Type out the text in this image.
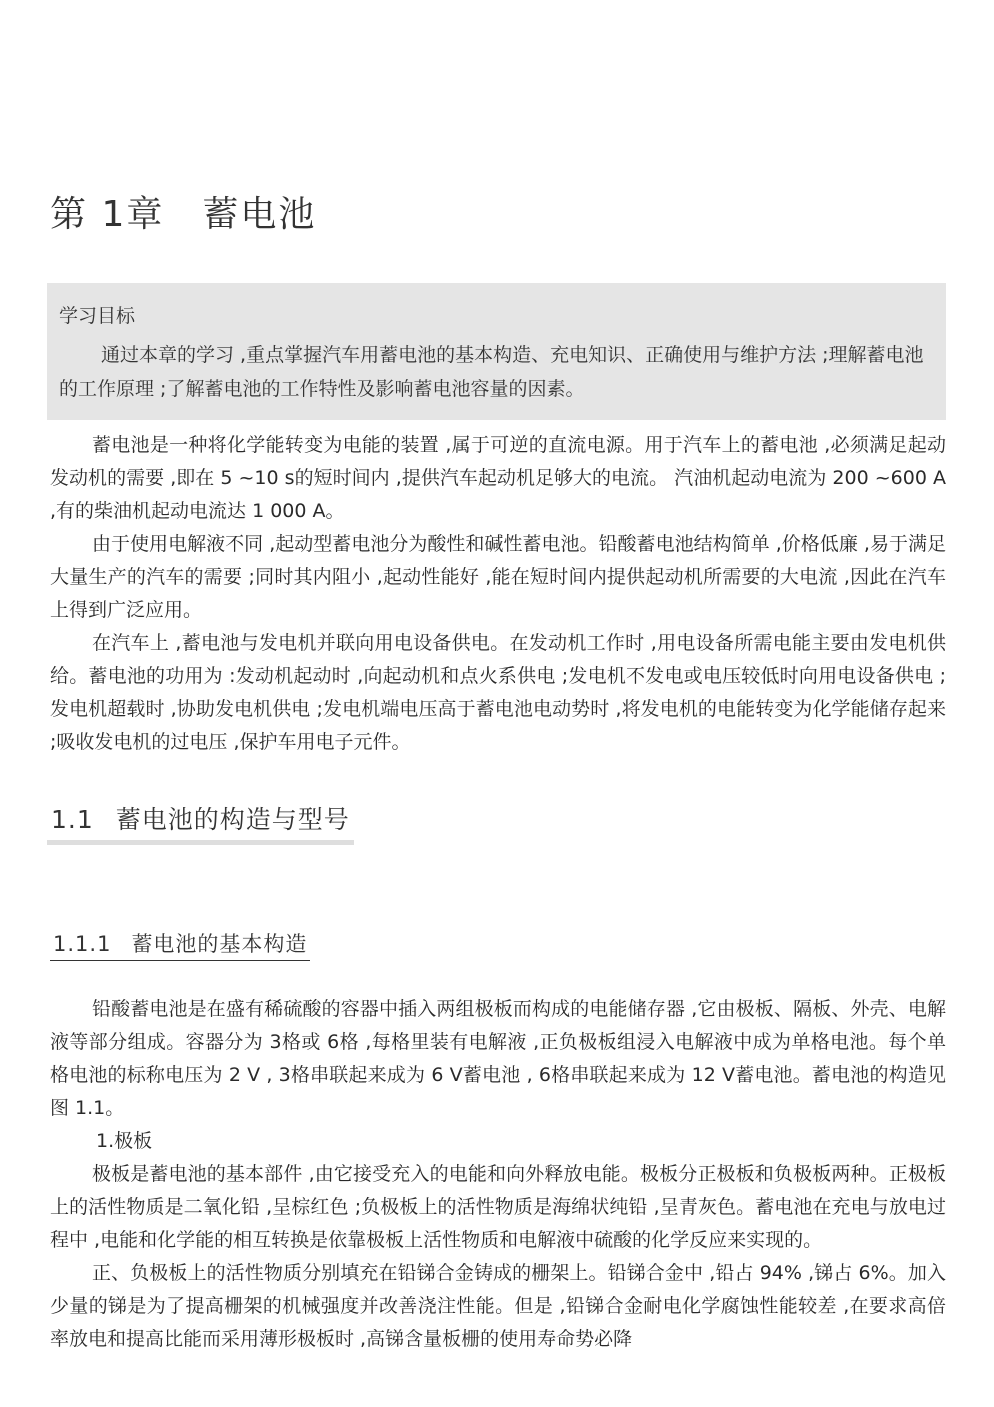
第 1章 蓄电池

学习目标

通过本章的学习 ,重点掌握汽车用蓄电池的基本构造、充电知识、正确使用与维护方法 ;理解蓄电池的工作原理 ;了解蓄电池的工作特性及影响蓄电池容量的因素。

蓄电池是一种将化学能转变为电能的装置 ,属于可逆的直流电源。用于汽车上的蓄电池 ,必须满足起动发动机的需要 ,即在 5 ~10 s的短时间内 ,提供汽车起动机足够大的电流。 汽油机起动电流为 200 ~600 A ,有的柴油机起动电流达 1 000 A。

由于使用电解液不同 ,起动型蓄电池分为酸性和碱性蓄电池。铅酸蓄电池结构简单 ,价格低廉 ,易于满足大量生产的汽车的需要 ;同时其内阻小 ,起动性能好 ,能在短时间内提供起动机所需要的大电流 ,因此在汽车上得到广泛应用。

在汽车上 ,蓄电池与发电机并联向用电设备供电。在发动机工作时 ,用电设备所需电能主要由发电机供给。蓄电池的功用为 :发动机起动时 ,向起动机和点火系供电 ;发电机不发电或电压较低时向用电设备供电 ;发电机超载时 ,协助发电机供电 ;发电机端电压高于蓄电池电动势时 ,将发电机的电能转变为化学能储存起来 ;吸收发电机的过电压 ,保护车用电子元件。

1.1 蓄电池的构造与型号
1.1.1 蓄电池的基本构造

铅酸蓄电池是在盛有稀硫酸的容器中插入两组极板而构成的电能储存器 ,它由极板、隔板、外壳、电解液等部分组成。容器分为 3格或 6格 ,每格里装有电解液 ,正负极板组浸入电解液中成为单格电池。每个单格电池的标称电压为 2 V , 3格串联起来成为 6 V蓄电池 , 6格串联起来成为 12 V蓄电池。蓄电池的构造见图 1.1。

1.极板

极板是蓄电池的基本部件 ,由它接受充入的电能和向外释放电能。极板分正极板和负极板两种。正极板上的活性物质是二氧化铅 ,呈棕红色 ;负极板上的活性物质是海绵状纯铅 ,呈青灰色。蓄电池在充电与放电过程中 ,电能和化学能的相互转换是依靠极板上活性物质和电解液中硫酸的化学反应来实现的。

正、负极板上的活性物质分别填充在铅锑合金铸成的栅架上。铅锑合金中 ,铅占 94% ,锑占 6%。加入少量的锑是为了提高栅架的机械强度并改善浇注性能。但是 ,铅锑合金耐电化学腐蚀性能较差 ,在要求高倍率放电和提高比能而采用薄形极板时 ,高锑含量板栅的使用寿命势必降
